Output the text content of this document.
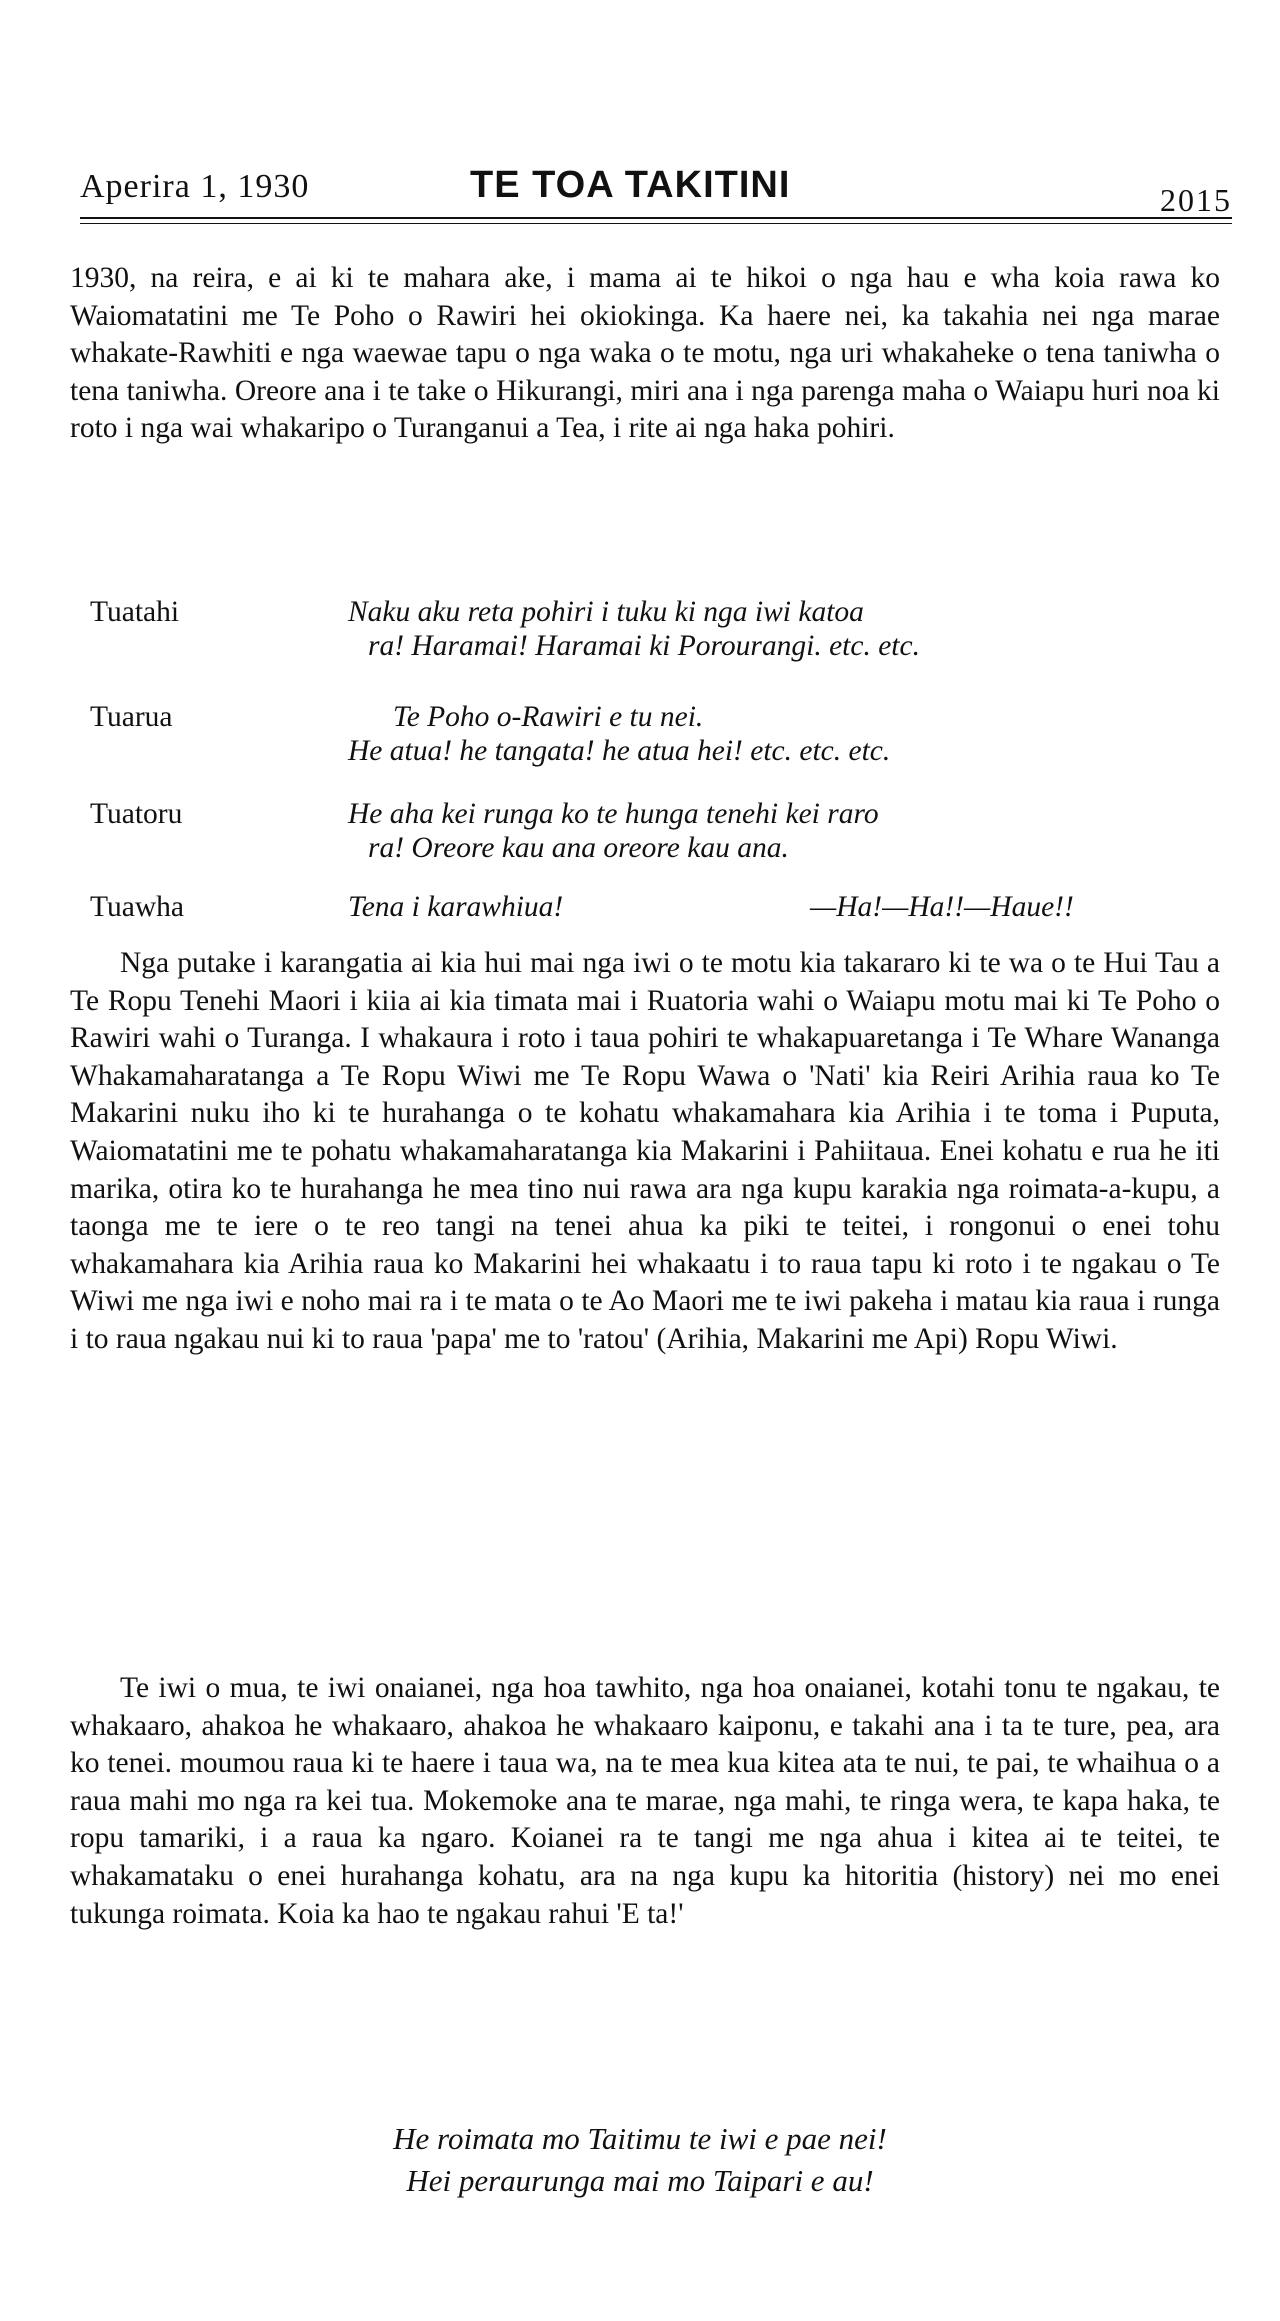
Aperira 1, 1930	TE TOA TAKITINI	2015

1930, na reira, e ai ki te mahara ake, i mama ai te hikoi o nga hau e wha koia rawa ko Waiomatatini me Te Poho o Rawiri hei okiokinga. Ka haere nei, ka takahia nei nga marae whakate-Rawhiti e nga waewae tapu o nga waka o te motu, nga uri whakaheke o tena taniwha o tena taniwha. Oreore ana i te take o Hikurangi, miri ana i nga parenga maha o Waiapu huri noa ki roto i nga wai whakaripo o Turanganui a Tea, i rite ai nga haka pohiri.

Tuatahi	Naku aku reta pohiri i tuku ki nga iwi katoa
ra! Haramai! Haramai ki Porourangi. etc. etc.
Tuarua	Te Poho o-Rawiri e tu nei.
He atua! he tangata! he atua hei! etc. etc. etc.
Tuatoru	He aha kei runga ko te hunga tenehi kei raro
ra! Oreore kau ana oreore kau ana.
Tuawha	Tena i karawhiua!	—Ha!—Ha!!—Haue!!

Nga putake i karangatia ai kia hui mai nga iwi o te motu kia takararo ki te wa o te Hui Tau a Te Ropu Tenehi Maori i kiia ai kia timata mai i Ruatoria wahi o Waiapu motu mai ki Te Poho o Rawiri wahi o Turanga. I whakaura i roto i taua pohiri te whakapuaretanga i Te Whare Wananga Whakamaharatanga a Te Ropu Wiwi me Te Ropu Wawa o 'Nati' kia Reiri Arihia raua ko Te Makarini nuku iho ki te hurahanga o te kohatu whakamahara kia Arihia i te toma i Puputa, Waiomatatini me te pohatu whakamaharatanga kia Makarini i Pahiitaua. Enei kohatu e rua he iti marika, otira ko te hurahanga he mea tino nui rawa ara nga kupu karakia nga roimata-a-kupu, a taonga me te iere o te reo tangi na tenei ahua ka piki te teitei, i rongonui o enei tohu whakamahara kia Arihia raua ko Makarini hei whakaatu i to raua tapu ki roto i te ngakau o Te Wiwi me nga iwi e noho mai ra i te mata o te Ao Maori me te iwi pakeha i matau kia raua i runga i to raua ngakau nui ki to raua 'papa' me to 'ratou' (Arihia, Makarini me Api) Ropu Wiwi.

Te iwi o mua, te iwi onaianei, nga hoa tawhito, nga hoa onaianei, kotahi tonu te ngakau, te whakaaro, ahakoa he whakaaro, ahakoa he whakaaro kaiponu, e takahi ana i ta te ture, pea, ara ko tenei. moumou raua ki te haere i taua wa, na te mea kua kitea ata te nui, te pai, te whaihua o a raua mahi mo nga ra kei tua. Mokemoke ana te marae, nga mahi, te ringa wera, te kapa haka, te ropu tamariki, i a raua ka ngaro. Koianei ra te tangi me nga ahua i kitea ai te teitei, te whakamataku o enei hurahanga kohatu, ara na nga kupu ka hitoritia (history) nei mo enei tukunga roimata. Koia ka hao te ngakau rahui 'E ta!'

He roimata mo Taitimu te iwi e pae nei!
Hei peraurunga mai mo Taipari e au!
